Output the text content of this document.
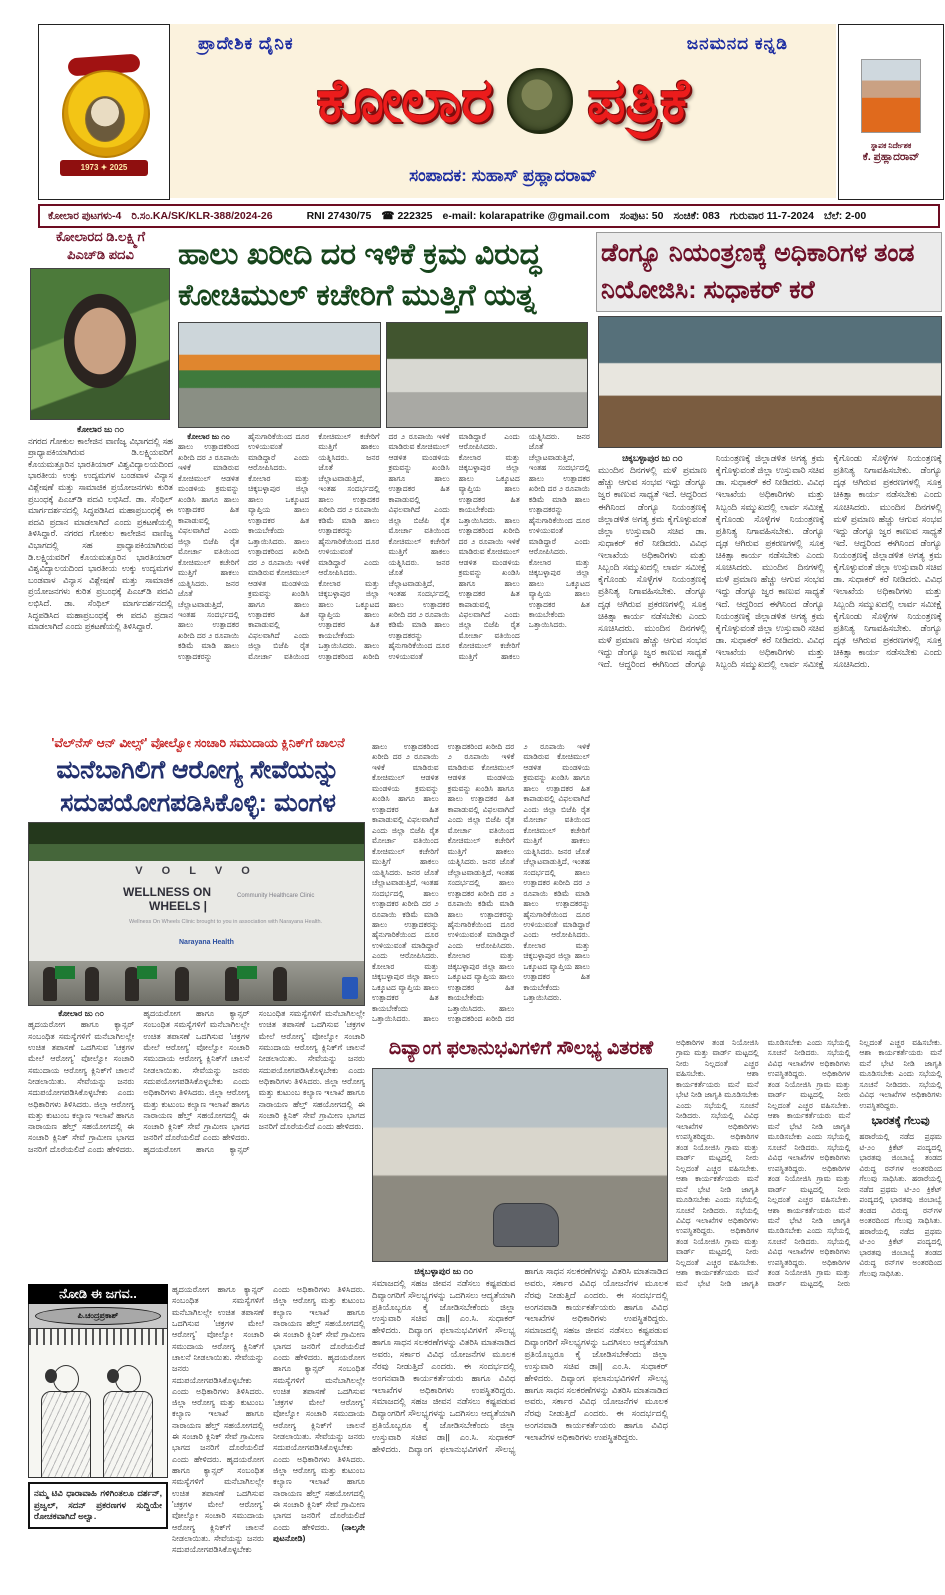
1973 ✦ 2025
ಪ್ರಾದೇಶಿಕ ದೈನಿಕ	ಜನಮನದ ಕನ್ನಡಿ
ಕೋಲಾರ ಪತ್ರಿಕೆ
ಸಂಪಾದಕ: ಸುಹಾಸ್ ಪ್ರಹ್ಲಾದರಾವ್
ಸ್ಥಾಪಕ ನಿರ್ದೇಶಕ
ಕೆ. ಪ್ರಹ್ಲಾದರಾವ್
ಕೋಲಾರ ಪುಟಗಳು-4 ರಿ.ಸಂ.KA/SK/KLR-388/2024-26	RNI 27430/75 ☎ 222325 e-mail: kolarapatrike @gmail.com ಸಂಪುಟ: 50 ಸಂಚಿಕೆ: 083 ಗುರುವಾರ 11-7-2024 ಬೆಲೆ: 2-00
ಕೋಲಾರದ ಡಿ.ಲಕ್ಷ್ಮಿಗೆ
ಪಿಎಚ್‌ಡಿ ಪದವಿ
ಕೋಲಾರ ಜು ೧೦
ನಗರದ ಗೋಕುಲ ಕಾಲೇಜಿನ ವಾಣಿಜ್ಯ ವಿಭಾಗದಲ್ಲಿ ಸಹ ಪ್ರಾಧ್ಯಾಪಕಿಯಾಗಿರುವ ಡಿ.ಲಕ್ಷ್ಮಿಯವರಿಗೆ ಕೊಯಮತ್ತೂರಿನ ಭಾರತಿಯಾರ್ ವಿಶ್ವವಿದ್ಯಾಲಯದಿಂದ ಭಾರತೀಯ ಉಕ್ಕು ಉದ್ಯಮಗಳ ಬಂಡವಾಳ ವಿನ್ಯಾಸ ವಿಶ್ಲೇಷಣೆ ಮತ್ತು ಸಾಮಾಜಿಕ ಪ್ರಯೋಜನಗಳು ಕುರಿತ ಪ್ರಬಂಧಕ್ಕೆ ಪಿಎಚ್‌ಡಿ ಪದವಿ ಲಭಿಸಿದೆ. ಡಾ. ಸೆಂಥಿಲ್ ಮಾರ್ಗದರ್ಶನದಲ್ಲಿ ಸಿದ್ಧಪಡಿಸಿದ ಮಹಾಪ್ರಬಂಧಕ್ಕೆ ಈ ಪದವಿ ಪ್ರದಾನ ಮಾಡಲಾಗಿದೆ ಎಂದು ಪ್ರಕಟಣೆಯಲ್ಲಿ ತಿಳಿಸಿದ್ದಾರೆ. ನಗರದ ಗೋಕುಲ ಕಾಲೇಜಿನ ವಾಣಿಜ್ಯ ವಿಭಾಗದಲ್ಲಿ ಸಹ ಪ್ರಾಧ್ಯಾಪಕಿಯಾಗಿರುವ ಡಿ.ಲಕ್ಷ್ಮಿಯವರಿಗೆ ಕೊಯಮತ್ತೂರಿನ ಭಾರತಿಯಾರ್ ವಿಶ್ವವಿದ್ಯಾಲಯದಿಂದ ಭಾರತೀಯ ಉಕ್ಕು ಉದ್ಯಮಗಳ ಬಂಡವಾಳ ವಿನ್ಯಾಸ ವಿಶ್ಲೇಷಣೆ ಮತ್ತು ಸಾಮಾಜಿಕ ಪ್ರಯೋಜನಗಳು ಕುರಿತ ಪ್ರಬಂಧಕ್ಕೆ ಪಿಎಚ್‌ಡಿ ಪದವಿ ಲಭಿಸಿದೆ. ಡಾ. ಸೆಂಥಿಲ್ ಮಾರ್ಗದರ್ಶನದಲ್ಲಿ ಸಿದ್ಧಪಡಿಸಿದ ಮಹಾಪ್ರಬಂಧಕ್ಕೆ ಈ ಪದವಿ ಪ್ರದಾನ ಮಾಡಲಾಗಿದೆ ಎಂದು ಪ್ರಕಟಣೆಯಲ್ಲಿ ತಿಳಿಸಿದ್ದಾರೆ.
ಹಾಲು ಖರೀದಿ ದರ ಇಳಿಕೆ ಕ್ರಮ ವಿರುದ್ಧ ಕೋಚಿಮುಲ್ ಕಚೇರಿಗೆ ಮುತ್ತಿಗೆ ಯತ್ನ
ಕೋಲಾರ ಜು ೧೦
ಹಾಲು ಉತ್ಪಾದಕರಿಂದ ಖರೀದಿ ದರ ೨ ರೂಪಾಯಿ ಇಳಿಕೆ ಮಾಡಿರುವ ಕೋಚಿಮುಲ್ ಆಡಳಿತ ಮಂಡಳಿಯ ಕ್ರಮವನ್ನು ಖಂಡಿಸಿ ಹಾಗೂ ಹಾಲು ಉತ್ಪಾದಕರ ಹಿತ ಕಾಪಾಡುವಲ್ಲಿ ವಿಫಲವಾಗಿದೆ ಎಂದು ಜಿಲ್ಲಾ ಬಿಜೆಪಿ ರೈತ ಮೋರ್ಚಾ ವತಿಯಿಂದ ಕೋಚಿಮುಲ್ ಕಚೇರಿಗೆ ಮುತ್ತಿಗೆ ಹಾಕಲು ಯತ್ನಿಸಿದರು. ಜನರ ಜೊತೆ ಚೆಲ್ಲಾಟವಾಡುತ್ತಿದೆ, ಇಂತಹ ಸಂದರ್ಭದಲ್ಲಿ ಹಾಲು ಉತ್ಪಾದಕರ ಖರೀದಿ ದರ ೨ ರೂಪಾಯಿ ಕಡಿಮೆ ಮಾಡಿ ಹಾಲು ಉತ್ಪಾದಕರನ್ನು ಹೈನುಗಾರಿಕೆಯಿಂದ ದೂರ ಉಳಿಯುವಂತೆ ಮಾಡಿದ್ದಾರೆ ಎಂದು ಆರೋಪಿಸಿದರು. ಕೋಲಾರ ಮತ್ತು ಚಿಕ್ಕಬಳ್ಳಾಪುರ ಜಿಲ್ಲಾ ಹಾಲು ಒಕ್ಕೂಟದ ವ್ಯಾಪ್ತಿಯ ಹಾಲು ಉತ್ಪಾದಕರ ಹಿತ ಕಾಯಬೇಕೆಂದು ಒತ್ತಾಯಿಸಿದರು. ಹಾಲು ಉತ್ಪಾದಕರಿಂದ ಖರೀದಿ ದರ ೨ ರೂಪಾಯಿ ಇಳಿಕೆ ಮಾಡಿರುವ ಕೋಚಿಮುಲ್ ಆಡಳಿತ ಮಂಡಳಿಯ ಕ್ರಮವನ್ನು ಖಂಡಿಸಿ ಹಾಗೂ ಹಾಲು ಉತ್ಪಾದಕರ ಹಿತ ಕಾಪಾಡುವಲ್ಲಿ ವಿಫಲವಾಗಿದೆ ಎಂದು ಜಿಲ್ಲಾ ಬಿಜೆಪಿ ರೈತ ಮೋರ್ಚಾ ವತಿಯಿಂದ ಕೋಚಿಮುಲ್ ಕಚೇರಿಗೆ ಮುತ್ತಿಗೆ ಹಾಕಲು ಯತ್ನಿಸಿದರು. ಜನರ ಜೊತೆ ಚೆಲ್ಲಾಟವಾಡುತ್ತಿದೆ, ಇಂತಹ ಸಂದರ್ಭದಲ್ಲಿ ಹಾಲು ಉತ್ಪಾದಕರ ಖರೀದಿ ದರ ೨ ರೂಪಾಯಿ ಕಡಿಮೆ ಮಾಡಿ ಹಾಲು ಉತ್ಪಾದಕರನ್ನು ಹೈನುಗಾರಿಕೆಯಿಂದ ದೂರ ಉಳಿಯುವಂತೆ ಮಾಡಿದ್ದಾರೆ ಎಂದು ಆರೋಪಿಸಿದರು. ಕೋಲಾರ ಮತ್ತು ಚಿಕ್ಕಬಳ್ಳಾಪುರ ಜಿಲ್ಲಾ ಹಾಲು ಒಕ್ಕೂಟದ ವ್ಯಾಪ್ತಿಯ ಹಾಲು ಉತ್ಪಾದಕರ ಹಿತ ಕಾಯಬೇಕೆಂದು ಒತ್ತಾಯಿಸಿದರು. ಹಾಲು ಉತ್ಪಾದಕರಿಂದ ಖರೀದಿ ದರ ೨ ರೂಪಾಯಿ ಇಳಿಕೆ ಮಾಡಿರುವ ಕೋಚಿಮುಲ್ ಆಡಳಿತ ಮಂಡಳಿಯ ಕ್ರಮವನ್ನು ಖಂಡಿಸಿ ಹಾಗೂ ಹಾಲು ಉತ್ಪಾದಕರ ಹಿತ ಕಾಪಾಡುವಲ್ಲಿ ವಿಫಲವಾಗಿದೆ ಎಂದು ಜಿಲ್ಲಾ ಬಿಜೆಪಿ ರೈತ ಮೋರ್ಚಾ ವತಿಯಿಂದ ಕೋಚಿಮುಲ್ ಕಚೇರಿಗೆ ಮುತ್ತಿಗೆ ಹಾಕಲು ಯತ್ನಿಸಿದರು. ಜನರ ಜೊತೆ ಚೆಲ್ಲಾಟವಾಡುತ್ತಿದೆ, ಇಂತಹ ಸಂದರ್ಭದಲ್ಲಿ ಹಾಲು ಉತ್ಪಾದಕರ ಖರೀದಿ ದರ ೨ ರೂಪಾಯಿ ಕಡಿಮೆ ಮಾಡಿ ಹಾಲು ಉತ್ಪಾದಕರನ್ನು ಹೈನುಗಾರಿಕೆಯಿಂದ ದೂರ ಉಳಿಯುವಂತೆ ಮಾಡಿದ್ದಾರೆ ಎಂದು ಆರೋಪಿಸಿದರು. ಕೋಲಾರ ಮತ್ತು ಚಿಕ್ಕಬಳ್ಳಾಪುರ ಜಿಲ್ಲಾ ಹಾಲು ಒಕ್ಕೂಟದ ವ್ಯಾಪ್ತಿಯ ಹಾಲು ಉತ್ಪಾದಕರ ಹಿತ ಕಾಯಬೇಕೆಂದು ಒತ್ತಾಯಿಸಿದರು. ಹಾಲು ಉತ್ಪಾದಕರಿಂದ ಖರೀದಿ ದರ ೨ ರೂಪಾಯಿ ಇಳಿಕೆ ಮಾಡಿರುವ ಕೋಚಿಮುಲ್ ಆಡಳಿತ ಮಂಡಳಿಯ ಕ್ರಮವನ್ನು ಖಂಡಿಸಿ ಹಾಗೂ ಹಾಲು ಉತ್ಪಾದಕರ ಹಿತ ಕಾಪಾಡುವಲ್ಲಿ ವಿಫಲವಾಗಿದೆ ಎಂದು ಜಿಲ್ಲಾ ಬಿಜೆಪಿ ರೈತ ಮೋರ್ಚಾ ವತಿಯಿಂದ ಕೋಚಿಮುಲ್ ಕಚೇರಿಗೆ ಮುತ್ತಿಗೆ ಹಾಕಲು ಯತ್ನಿಸಿದರು. ಜನರ ಜೊತೆ ಚೆಲ್ಲಾಟವಾಡುತ್ತಿದೆ, ಇಂತಹ ಸಂದರ್ಭದಲ್ಲಿ ಹಾಲು ಉತ್ಪಾದಕರ ಖರೀದಿ ದರ ೨ ರೂಪಾಯಿ ಕಡಿಮೆ ಮಾಡಿ ಹಾಲು ಉತ್ಪಾದಕರನ್ನು ಹೈನುಗಾರಿಕೆಯಿಂದ ದೂರ ಉಳಿಯುವಂತೆ ಮಾಡಿದ್ದಾರೆ ಎಂದು ಆರೋಪಿಸಿದರು. ಕೋಲಾರ ಮತ್ತು ಚಿಕ್ಕಬಳ್ಳಾಪುರ ಜಿಲ್ಲಾ ಹಾಲು ಒಕ್ಕೂಟದ ವ್ಯಾಪ್ತಿಯ ಹಾಲು ಉತ್ಪಾದಕರ ಹಿತ ಕಾಯಬೇಕೆಂದು ಒತ್ತಾಯಿಸಿದರು.
ಹಾಲು ಉತ್ಪಾದಕರಿಂದ ಖರೀದಿ ದರ ೨ ರೂಪಾಯಿ ಇಳಿಕೆ ಮಾಡಿರುವ ಕೋಚಿಮುಲ್ ಆಡಳಿತ ಮಂಡಳಿಯ ಕ್ರಮವನ್ನು ಖಂಡಿಸಿ ಹಾಗೂ ಹಾಲು ಉತ್ಪಾದಕರ ಹಿತ ಕಾಪಾಡುವಲ್ಲಿ ವಿಫಲವಾಗಿದೆ ಎಂದು ಜಿಲ್ಲಾ ಬಿಜೆಪಿ ರೈತ ಮೋರ್ಚಾ ವತಿಯಿಂದ ಕೋಚಿಮುಲ್ ಕಚೇರಿಗೆ ಮುತ್ತಿಗೆ ಹಾಕಲು ಯತ್ನಿಸಿದರು. ಜನರ ಜೊತೆ ಚೆಲ್ಲಾಟವಾಡುತ್ತಿದೆ, ಇಂತಹ ಸಂದರ್ಭದಲ್ಲಿ ಹಾಲು ಉತ್ಪಾದಕರ ಖರೀದಿ ದರ ೨ ರೂಪಾಯಿ ಕಡಿಮೆ ಮಾಡಿ ಹಾಲು ಉತ್ಪಾದಕರನ್ನು ಹೈನುಗಾರಿಕೆಯಿಂದ ದೂರ ಉಳಿಯುವಂತೆ ಮಾಡಿದ್ದಾರೆ ಎಂದು ಆರೋಪಿಸಿದರು. ಕೋಲಾರ ಮತ್ತು ಚಿಕ್ಕಬಳ್ಳಾಪುರ ಜಿಲ್ಲಾ ಹಾಲು ಒಕ್ಕೂಟದ ವ್ಯಾಪ್ತಿಯ ಹಾಲು ಉತ್ಪಾದಕರ ಹಿತ ಕಾಯಬೇಕೆಂದು ಒತ್ತಾಯಿಸಿದರು. ಹಾಲು ಉತ್ಪಾದಕರಿಂದ ಖರೀದಿ ದರ ೨ ರೂಪಾಯಿ ಇಳಿಕೆ ಮಾಡಿರುವ ಕೋಚಿಮುಲ್ ಆಡಳಿತ ಮಂಡಳಿಯ ಕ್ರಮವನ್ನು ಖಂಡಿಸಿ ಹಾಗೂ ಹಾಲು ಉತ್ಪಾದಕರ ಹಿತ ಕಾಪಾಡುವಲ್ಲಿ ವಿಫಲವಾಗಿದೆ ಎಂದು ಜಿಲ್ಲಾ ಬಿಜೆಪಿ ರೈತ ಮೋರ್ಚಾ ವತಿಯಿಂದ ಕೋಚಿಮುಲ್ ಕಚೇರಿಗೆ ಮುತ್ತಿಗೆ ಹಾಕಲು ಯತ್ನಿಸಿದರು. ಜನರ ಜೊತೆ ಚೆಲ್ಲಾಟವಾಡುತ್ತಿದೆ, ಇಂತಹ ಸಂದರ್ಭದಲ್ಲಿ ಹಾಲು ಉತ್ಪಾದಕರ ಖರೀದಿ ದರ ೨ ರೂಪಾಯಿ ಕಡಿಮೆ ಮಾಡಿ ಹಾಲು ಉತ್ಪಾದಕರನ್ನು ಹೈನುಗಾರಿಕೆಯಿಂದ ದೂರ ಉಳಿಯುವಂತೆ ಮಾಡಿದ್ದಾರೆ ಎಂದು ಆರೋಪಿಸಿದರು. ಕೋಲಾರ ಮತ್ತು ಚಿಕ್ಕಬಳ್ಳಾಪುರ ಜಿಲ್ಲಾ ಹಾಲು ಒಕ್ಕೂಟದ ವ್ಯಾಪ್ತಿಯ ಹಾಲು ಉತ್ಪಾದಕರ ಹಿತ ಕಾಯಬೇಕೆಂದು ಒತ್ತಾಯಿಸಿದರು. ಹಾಲು ಉತ್ಪಾದಕರಿಂದ ಖರೀದಿ ದರ ೨ ರೂಪಾಯಿ ಇಳಿಕೆ ಮಾಡಿರುವ ಕೋಚಿಮುಲ್ ಆಡಳಿತ ಮಂಡಳಿಯ ಕ್ರಮವನ್ನು ಖಂಡಿಸಿ ಹಾಗೂ ಹಾಲು ಉತ್ಪಾದಕರ ಹಿತ ಕಾಪಾಡುವಲ್ಲಿ ವಿಫಲವಾಗಿದೆ ಎಂದು ಜಿಲ್ಲಾ ಬಿಜೆಪಿ ರೈತ ಮೋರ್ಚಾ ವತಿಯಿಂದ ಕೋಚಿಮುಲ್ ಕಚೇರಿಗೆ ಮುತ್ತಿಗೆ ಹಾಕಲು ಯತ್ನಿಸಿದರು. ಜನರ ಜೊತೆ ಚೆಲ್ಲಾಟವಾಡುತ್ತಿದೆ, ಇಂತಹ ಸಂದರ್ಭದಲ್ಲಿ ಹಾಲು ಉತ್ಪಾದಕರ ಖರೀದಿ ದರ ೨ ರೂಪಾಯಿ ಕಡಿಮೆ ಮಾಡಿ ಹಾಲು ಉತ್ಪಾದಕರನ್ನು ಹೈನುಗಾರಿಕೆಯಿಂದ ದೂರ ಉಳಿಯುವಂತೆ ಮಾಡಿದ್ದಾರೆ ಎಂದು ಆರೋಪಿಸಿದರು. ಕೋಲಾರ ಮತ್ತು ಚಿಕ್ಕಬಳ್ಳಾಪುರ ಜಿಲ್ಲಾ ಹಾಲು ಒಕ್ಕೂಟದ ವ್ಯಾಪ್ತಿಯ ಹಾಲು ಉತ್ಪಾದಕರ ಹಿತ ಕಾಯಬೇಕೆಂದು ಒತ್ತಾಯಿಸಿದರು.
ಡೆಂಗ್ಯೂ ನಿಯಂತ್ರಣಕ್ಕೆ ಅಧಿಕಾರಿಗಳ ತಂಡ ನಿಯೋಜಿಸಿ: ಸುಧಾಕರ್ ಕರೆ
ಚಿಕ್ಕಬಳ್ಳಾಪುರ ಜು ೧೦
ಮುಂದಿನ ದಿನಗಳಲ್ಲಿ ಮಳೆ ಪ್ರಮಾಣ ಹೆಚ್ಚು ಆಗುವ ಸಂಭವ ಇದ್ದು ಡೆಂಗ್ಯೂ ಜ್ವರ ಕಾಣುವ ಸಾಧ್ಯತೆ ಇದೆ. ಆದ್ದರಿಂದ ಈಗಿನಿಂದ ಡೆಂಗ್ಯೂ ನಿಯಂತ್ರಣಕ್ಕೆ ಜಿಲ್ಲಾಡಳಿತ ಅಗತ್ಯ ಕ್ರಮ ಕೈಗೊಳ್ಳುವಂತೆ ಜಿಲ್ಲಾ ಉಸ್ತುವಾರಿ ಸಚಿವ ಡಾ. ಸುಧಾಕರ್ ಕರೆ ನೀಡಿದರು. ವಿವಿಧ ಇಲಾಖೆಯ ಅಧಿಕಾರಿಗಳು ಮತ್ತು ಸಿಬ್ಬಂದಿ ಸಮ್ಮುಖದಲ್ಲಿ ಲಾರ್ವ ಸಮೀಕ್ಷೆ ಕೈಗೊಂಡು ಸೊಳ್ಳೆಗಳ ನಿಯಂತ್ರಣಕ್ಕೆ ಪ್ರತಿನಿತ್ಯ ನಿಗಾವಹಿಸಬೇಕು. ಡೆಂಗ್ಯೂ ದೃಢ ಆಗಿರುವ ಪ್ರಕರಣಗಳಲ್ಲಿ ಸೂಕ್ತ ಚಿಕಿತ್ಸಾ ಕಾರ್ಯ ನಡೆಸಬೇಕು ಎಂದು ಸೂಚಿಸಿದರು. ಮುಂದಿನ ದಿನಗಳಲ್ಲಿ ಮಳೆ ಪ್ರಮಾಣ ಹೆಚ್ಚು ಆಗುವ ಸಂಭವ ಇದ್ದು ಡೆಂಗ್ಯೂ ಜ್ವರ ಕಾಣುವ ಸಾಧ್ಯತೆ ಇದೆ. ಆದ್ದರಿಂದ ಈಗಿನಿಂದ ಡೆಂಗ್ಯೂ ನಿಯಂತ್ರಣಕ್ಕೆ ಜಿಲ್ಲಾಡಳಿತ ಅಗತ್ಯ ಕ್ರಮ ಕೈಗೊಳ್ಳುವಂತೆ ಜಿಲ್ಲಾ ಉಸ್ತುವಾರಿ ಸಚಿವ ಡಾ. ಸುಧಾಕರ್ ಕರೆ ನೀಡಿದರು. ವಿವಿಧ ಇಲಾಖೆಯ ಅಧಿಕಾರಿಗಳು ಮತ್ತು ಸಿಬ್ಬಂದಿ ಸಮ್ಮುಖದಲ್ಲಿ ಲಾರ್ವ ಸಮೀಕ್ಷೆ ಕೈಗೊಂಡು ಸೊಳ್ಳೆಗಳ ನಿಯಂತ್ರಣಕ್ಕೆ ಪ್ರತಿನಿತ್ಯ ನಿಗಾವಹಿಸಬೇಕು. ಡೆಂಗ್ಯೂ ದೃಢ ಆಗಿರುವ ಪ್ರಕರಣಗಳಲ್ಲಿ ಸೂಕ್ತ ಚಿಕಿತ್ಸಾ ಕಾರ್ಯ ನಡೆಸಬೇಕು ಎಂದು ಸೂಚಿಸಿದರು. ಮುಂದಿನ ದಿನಗಳಲ್ಲಿ ಮಳೆ ಪ್ರಮಾಣ ಹೆಚ್ಚು ಆಗುವ ಸಂಭವ ಇದ್ದು ಡೆಂಗ್ಯೂ ಜ್ವರ ಕಾಣುವ ಸಾಧ್ಯತೆ ಇದೆ. ಆದ್ದರಿಂದ ಈಗಿನಿಂದ ಡೆಂಗ್ಯೂ ನಿಯಂತ್ರಣಕ್ಕೆ ಜಿಲ್ಲಾಡಳಿತ ಅಗತ್ಯ ಕ್ರಮ ಕೈಗೊಳ್ಳುವಂತೆ ಜಿಲ್ಲಾ ಉಸ್ತುವಾರಿ ಸಚಿವ ಡಾ. ಸುಧಾಕರ್ ಕರೆ ನೀಡಿದರು. ವಿವಿಧ ಇಲಾಖೆಯ ಅಧಿಕಾರಿಗಳು ಮತ್ತು ಸಿಬ್ಬಂದಿ ಸಮ್ಮುಖದಲ್ಲಿ ಲಾರ್ವ ಸಮೀಕ್ಷೆ ಕೈಗೊಂಡು ಸೊಳ್ಳೆಗಳ ನಿಯಂತ್ರಣಕ್ಕೆ ಪ್ರತಿನಿತ್ಯ ನಿಗಾವಹಿಸಬೇಕು. ಡೆಂಗ್ಯೂ ದೃಢ ಆಗಿರುವ ಪ್ರಕರಣಗಳಲ್ಲಿ ಸೂಕ್ತ ಚಿಕಿತ್ಸಾ ಕಾರ್ಯ ನಡೆಸಬೇಕು ಎಂದು ಸೂಚಿಸಿದರು. ಮುಂದಿನ ದಿನಗಳಲ್ಲಿ ಮಳೆ ಪ್ರಮಾಣ ಹೆಚ್ಚು ಆಗುವ ಸಂಭವ ಇದ್ದು ಡೆಂಗ್ಯೂ ಜ್ವರ ಕಾಣುವ ಸಾಧ್ಯತೆ ಇದೆ. ಆದ್ದರಿಂದ ಈಗಿನಿಂದ ಡೆಂಗ್ಯೂ ನಿಯಂತ್ರಣಕ್ಕೆ ಜಿಲ್ಲಾಡಳಿತ ಅಗತ್ಯ ಕ್ರಮ ಕೈಗೊಳ್ಳುವಂತೆ ಜಿಲ್ಲಾ ಉಸ್ತುವಾರಿ ಸಚಿವ ಡಾ. ಸುಧಾಕರ್ ಕರೆ ನೀಡಿದರು. ವಿವಿಧ ಇಲಾಖೆಯ ಅಧಿಕಾರಿಗಳು ಮತ್ತು ಸಿಬ್ಬಂದಿ ಸಮ್ಮುಖದಲ್ಲಿ ಲಾರ್ವ ಸಮೀಕ್ಷೆ ಕೈಗೊಂಡು ಸೊಳ್ಳೆಗಳ ನಿಯಂತ್ರಣಕ್ಕೆ ಪ್ರತಿನಿತ್ಯ ನಿಗಾವಹಿಸಬೇಕು. ಡೆಂಗ್ಯೂ ದೃಢ ಆಗಿರುವ ಪ್ರಕರಣಗಳಲ್ಲಿ ಸೂಕ್ತ ಚಿಕಿತ್ಸಾ ಕಾರ್ಯ ನಡೆಸಬೇಕು ಎಂದು ಸೂಚಿಸಿದರು.
ಅಧಿಕಾರಿಗಳ ತಂಡ ನಿಯೋಜಿಸಿ ಗ್ರಾಮ ಮತ್ತು ವಾರ್ಡ್ ಮಟ್ಟದಲ್ಲಿ ನೀರು ನಿಲ್ಲದಂತೆ ಎಚ್ಚರ ವಹಿಸಬೇಕು. ಆಶಾ ಕಾರ್ಯಕರ್ತೆಯರು ಮನೆ ಮನೆ ಭೇಟಿ ನೀಡಿ ಜಾಗೃತಿ ಮೂಡಿಸಬೇಕು ಎಂದು ಸಭೆಯಲ್ಲಿ ಸೂಚನೆ ನೀಡಿದರು. ಸಭೆಯಲ್ಲಿ ವಿವಿಧ ಇಲಾಖೆಗಳ ಅಧಿಕಾರಿಗಳು ಉಪಸ್ಥಿತರಿದ್ದರು. ಅಧಿಕಾರಿಗಳ ತಂಡ ನಿಯೋಜಿಸಿ ಗ್ರಾಮ ಮತ್ತು ವಾರ್ಡ್ ಮಟ್ಟದಲ್ಲಿ ನೀರು ನಿಲ್ಲದಂತೆ ಎಚ್ಚರ ವಹಿಸಬೇಕು. ಆಶಾ ಕಾರ್ಯಕರ್ತೆಯರು ಮನೆ ಮನೆ ಭೇಟಿ ನೀಡಿ ಜಾಗೃತಿ ಮೂಡಿಸಬೇಕು ಎಂದು ಸಭೆಯಲ್ಲಿ ಸೂಚನೆ ನೀಡಿದರು. ಸಭೆಯಲ್ಲಿ ವಿವಿಧ ಇಲಾಖೆಗಳ ಅಧಿಕಾರಿಗಳು ಉಪಸ್ಥಿತರಿದ್ದರು. ಅಧಿಕಾರಿಗಳ ತಂಡ ನಿಯೋಜಿಸಿ ಗ್ರಾಮ ಮತ್ತು ವಾರ್ಡ್ ಮಟ್ಟದಲ್ಲಿ ನೀರು ನಿಲ್ಲದಂತೆ ಎಚ್ಚರ ವಹಿಸಬೇಕು. ಆಶಾ ಕಾರ್ಯಕರ್ತೆಯರು ಮನೆ ಮನೆ ಭೇಟಿ ನೀಡಿ ಜಾಗೃತಿ ಮೂಡಿಸಬೇಕು ಎಂದು ಸಭೆಯಲ್ಲಿ ಸೂಚನೆ ನೀಡಿದರು. ಸಭೆಯಲ್ಲಿ ವಿವಿಧ ಇಲಾಖೆಗಳ ಅಧಿಕಾರಿಗಳು ಉಪಸ್ಥಿತರಿದ್ದರು. ಅಧಿಕಾರಿಗಳ ತಂಡ ನಿಯೋಜಿಸಿ ಗ್ರಾಮ ಮತ್ತು ವಾರ್ಡ್ ಮಟ್ಟದಲ್ಲಿ ನೀರು ನಿಲ್ಲದಂತೆ ಎಚ್ಚರ ವಹಿಸಬೇಕು. ಆಶಾ ಕಾರ್ಯಕರ್ತೆಯರು ಮನೆ ಮನೆ ಭೇಟಿ ನೀಡಿ ಜಾಗೃತಿ ಮೂಡಿಸಬೇಕು ಎಂದು ಸಭೆಯಲ್ಲಿ ಸೂಚನೆ ನೀಡಿದರು. ಸಭೆಯಲ್ಲಿ ವಿವಿಧ ಇಲಾಖೆಗಳ ಅಧಿಕಾರಿಗಳು ಉಪಸ್ಥಿತರಿದ್ದರು. ಅಧಿಕಾರಿಗಳ ತಂಡ ನಿಯೋಜಿಸಿ ಗ್ರಾಮ ಮತ್ತು ವಾರ್ಡ್ ಮಟ್ಟದಲ್ಲಿ ನೀರು ನಿಲ್ಲದಂತೆ ಎಚ್ಚರ ವಹಿಸಬೇಕು. ಆಶಾ ಕಾರ್ಯಕರ್ತೆಯರು ಮನೆ ಮನೆ ಭೇಟಿ ನೀಡಿ ಜಾಗೃತಿ ಮೂಡಿಸಬೇಕು ಎಂದು ಸಭೆಯಲ್ಲಿ ಸೂಚನೆ ನೀಡಿದರು. ಸಭೆಯಲ್ಲಿ ವಿವಿಧ ಇಲಾಖೆಗಳ ಅಧಿಕಾರಿಗಳು ಉಪಸ್ಥಿತರಿದ್ದರು. ಅಧಿಕಾರಿಗಳ ತಂಡ ನಿಯೋಜಿಸಿ ಗ್ರಾಮ ಮತ್ತು ವಾರ್ಡ್ ಮಟ್ಟದಲ್ಲಿ ನೀರು ನಿಲ್ಲದಂತೆ ಎಚ್ಚರ ವಹಿಸಬೇಕು. ಆಶಾ ಕಾರ್ಯಕರ್ತೆಯರು ಮನೆ ಮನೆ ಭೇಟಿ ನೀಡಿ ಜಾಗೃತಿ ಮೂಡಿಸಬೇಕು ಎಂದು ಸಭೆಯಲ್ಲಿ ಸೂಚನೆ ನೀಡಿದರು. ಸಭೆಯಲ್ಲಿ ವಿವಿಧ ಇಲಾಖೆಗಳ ಅಧಿಕಾರಿಗಳು ಉಪಸ್ಥಿತರಿದ್ದರು.
ಭಾರತಕ್ಕೆ ಗೆಲುವು
ಹರಾರೆಯಲ್ಲಿ ನಡೆದ ಪ್ರಥಮ ಟಿ-೨೦ ಕ್ರಿಕೆಟ್ ಪಂದ್ಯದಲ್ಲಿ ಭಾರತವು ಜಿಂಬಾಬ್ವೆ ತಂಡದ ವಿರುದ್ಧ ರನ್‌ಗಳ ಅಂತರದಿಂದ ಗೆಲುವು ಸಾಧಿಸಿತು. ಹರಾರೆಯಲ್ಲಿ ನಡೆದ ಪ್ರಥಮ ಟಿ-೨೦ ಕ್ರಿಕೆಟ್ ಪಂದ್ಯದಲ್ಲಿ ಭಾರತವು ಜಿಂಬಾಬ್ವೆ ತಂಡದ ವಿರುದ್ಧ ರನ್‌ಗಳ ಅಂತರದಿಂದ ಗೆಲುವು ಸಾಧಿಸಿತು. ಹರಾರೆಯಲ್ಲಿ ನಡೆದ ಪ್ರಥಮ ಟಿ-೨೦ ಕ್ರಿಕೆಟ್ ಪಂದ್ಯದಲ್ಲಿ ಭಾರತವು ಜಿಂಬಾಬ್ವೆ ತಂಡದ ವಿರುದ್ಧ ರನ್‌ಗಳ ಅಂತರದಿಂದ ಗೆಲುವು ಸಾಧಿಸಿತು.
'ವೆಲ್‌ನೆಸ್ ಆನ್ ವೀಲ್ಸ್' ವೋಲ್ವೋ ಸಂಚಾರಿ ಸಮುದಾಯ ಕ್ಲಿನಿಕ್‌ಗೆ ಚಾಲನೆ
ಮನೆಬಾಗಿಲಿಗೆ ಆರೋಗ್ಯ ಸೇವೆಯನ್ನು ಸದುಪಯೋಗಪಡಿಸಿಕೊಳ್ಳಿ: ಮಂಗಳ
V O L V O
WELLNESS ON
WHEELS |
Community Healthcare Clinic
Wellness On Wheels Clinic brought to you in association with Narayana Health.
Narayana Health
ಕೋಲಾರ ಜು ೧೦
ಹೃದಯರೋಗ ಹಾಗೂ ಕ್ಯಾನ್ಸರ್ ಸಂಬಂಧಿತ ಸಮಸ್ಯೆಗಳಿಗೆ ಮನೆಬಾಗಿಲಲ್ಲೇ ಉಚಿತ ತಪಾಸಣೆ ಒದಗಿಸುವ 'ಚಕ್ರಗಳ ಮೇಲೆ ಆರೋಗ್ಯ' ವೋಲ್ವೋ ಸಂಚಾರಿ ಸಮುದಾಯ ಆರೋಗ್ಯ ಕ್ಲಿನಿಕ್‌ಗೆ ಚಾಲನೆ ನೀಡಲಾಯಿತು. ಸೇವೆಯನ್ನು ಜನರು ಸದುಪಯೋಗಪಡಿಸಿಕೊಳ್ಳಬೇಕು ಎಂದು ಅಧಿಕಾರಿಗಳು ತಿಳಿಸಿದರು. ಜಿಲ್ಲಾ ಆರೋಗ್ಯ ಮತ್ತು ಕುಟುಂಬ ಕಲ್ಯಾಣ ಇಲಾಖೆ ಹಾಗೂ ನಾರಾಯಣ ಹೆಲ್ತ್ ಸಹಯೋಗದಲ್ಲಿ ಈ ಸಂಚಾರಿ ಕ್ಲಿನಿಕ್ ಸೇವೆ ಗ್ರಾಮೀಣ ಭಾಗದ ಜನರಿಗೆ ದೊರೆಯಲಿದೆ ಎಂದು ಹೇಳಿದರು. ಹೃದಯರೋಗ ಹಾಗೂ ಕ್ಯಾನ್ಸರ್ ಸಂಬಂಧಿತ ಸಮಸ್ಯೆಗಳಿಗೆ ಮನೆಬಾಗಿಲಲ್ಲೇ ಉಚಿತ ತಪಾಸಣೆ ಒದಗಿಸುವ 'ಚಕ್ರಗಳ ಮೇಲೆ ಆರೋಗ್ಯ' ವೋಲ್ವೋ ಸಂಚಾರಿ ಸಮುದಾಯ ಆರೋಗ್ಯ ಕ್ಲಿನಿಕ್‌ಗೆ ಚಾಲನೆ ನೀಡಲಾಯಿತು. ಸೇವೆಯನ್ನು ಜನರು ಸದುಪಯೋಗಪಡಿಸಿಕೊಳ್ಳಬೇಕು ಎಂದು ಅಧಿಕಾರಿಗಳು ತಿಳಿಸಿದರು. ಜಿಲ್ಲಾ ಆರೋಗ್ಯ ಮತ್ತು ಕುಟುಂಬ ಕಲ್ಯಾಣ ಇಲಾಖೆ ಹಾಗೂ ನಾರಾಯಣ ಹೆಲ್ತ್ ಸಹಯೋಗದಲ್ಲಿ ಈ ಸಂಚಾರಿ ಕ್ಲಿನಿಕ್ ಸೇವೆ ಗ್ರಾಮೀಣ ಭಾಗದ ಜನರಿಗೆ ದೊರೆಯಲಿದೆ ಎಂದು ಹೇಳಿದರು. ಹೃದಯರೋಗ ಹಾಗೂ ಕ್ಯಾನ್ಸರ್ ಸಂಬಂಧಿತ ಸಮಸ್ಯೆಗಳಿಗೆ ಮನೆಬಾಗಿಲಲ್ಲೇ ಉಚಿತ ತಪಾಸಣೆ ಒದಗಿಸುವ 'ಚಕ್ರಗಳ ಮೇಲೆ ಆರೋಗ್ಯ' ವೋಲ್ವೋ ಸಂಚಾರಿ ಸಮುದಾಯ ಆರೋಗ್ಯ ಕ್ಲಿನಿಕ್‌ಗೆ ಚಾಲನೆ ನೀಡಲಾಯಿತು. ಸೇವೆಯನ್ನು ಜನರು ಸದುಪಯೋಗಪಡಿಸಿಕೊಳ್ಳಬೇಕು ಎಂದು ಅಧಿಕಾರಿಗಳು ತಿಳಿಸಿದರು. ಜಿಲ್ಲಾ ಆರೋಗ್ಯ ಮತ್ತು ಕುಟುಂಬ ಕಲ್ಯಾಣ ಇಲಾಖೆ ಹಾಗೂ ನಾರಾಯಣ ಹೆಲ್ತ್ ಸಹಯೋಗದಲ್ಲಿ ಈ ಸಂಚಾರಿ ಕ್ಲಿನಿಕ್ ಸೇವೆ ಗ್ರಾಮೀಣ ಭಾಗದ ಜನರಿಗೆ ದೊರೆಯಲಿದೆ ಎಂದು ಹೇಳಿದರು.
ಹೃದಯರೋಗ ಹಾಗೂ ಕ್ಯಾನ್ಸರ್ ಸಂಬಂಧಿತ ಸಮಸ್ಯೆಗಳಿಗೆ ಮನೆಬಾಗಿಲಲ್ಲೇ ಉಚಿತ ತಪಾಸಣೆ ಒದಗಿಸುವ 'ಚಕ್ರಗಳ ಮೇಲೆ ಆರೋಗ್ಯ' ವೋಲ್ವೋ ಸಂಚಾರಿ ಸಮುದಾಯ ಆರೋಗ್ಯ ಕ್ಲಿನಿಕ್‌ಗೆ ಚಾಲನೆ ನೀಡಲಾಯಿತು. ಸೇವೆಯನ್ನು ಜನರು ಸದುಪಯೋಗಪಡಿಸಿಕೊಳ್ಳಬೇಕು ಎಂದು ಅಧಿಕಾರಿಗಳು ತಿಳಿಸಿದರು. ಜಿಲ್ಲಾ ಆರೋಗ್ಯ ಮತ್ತು ಕುಟುಂಬ ಕಲ್ಯಾಣ ಇಲಾಖೆ ಹಾಗೂ ನಾರಾಯಣ ಹೆಲ್ತ್ ಸಹಯೋಗದಲ್ಲಿ ಈ ಸಂಚಾರಿ ಕ್ಲಿನಿಕ್ ಸೇವೆ ಗ್ರಾಮೀಣ ಭಾಗದ ಜನರಿಗೆ ದೊರೆಯಲಿದೆ ಎಂದು ಹೇಳಿದರು. ಹೃದಯರೋಗ ಹಾಗೂ ಕ್ಯಾನ್ಸರ್ ಸಂಬಂಧಿತ ಸಮಸ್ಯೆಗಳಿಗೆ ಮನೆಬಾಗಿಲಲ್ಲೇ ಉಚಿತ ತಪಾಸಣೆ ಒದಗಿಸುವ 'ಚಕ್ರಗಳ ಮೇಲೆ ಆರೋಗ್ಯ' ವೋಲ್ವೋ ಸಂಚಾರಿ ಸಮುದಾಯ ಆರೋಗ್ಯ ಕ್ಲಿನಿಕ್‌ಗೆ ಚಾಲನೆ ನೀಡಲಾಯಿತು. ಸೇವೆಯನ್ನು ಜನರು ಸದುಪಯೋಗಪಡಿಸಿಕೊಳ್ಳಬೇಕು ಎಂದು ಅಧಿಕಾರಿಗಳು ತಿಳಿಸಿದರು. ಜಿಲ್ಲಾ ಆರೋಗ್ಯ ಮತ್ತು ಕುಟುಂಬ ಕಲ್ಯಾಣ ಇಲಾಖೆ ಹಾಗೂ ನಾರಾಯಣ ಹೆಲ್ತ್ ಸಹಯೋಗದಲ್ಲಿ ಈ ಸಂಚಾರಿ ಕ್ಲಿನಿಕ್ ಸೇವೆ ಗ್ರಾಮೀಣ ಭಾಗದ ಜನರಿಗೆ ದೊರೆಯಲಿದೆ ಎಂದು ಹೇಳಿದರು. ಹೃದಯರೋಗ ಹಾಗೂ ಕ್ಯಾನ್ಸರ್ ಸಂಬಂಧಿತ ಸಮಸ್ಯೆಗಳಿಗೆ ಮನೆಬಾಗಿಲಲ್ಲೇ ಉಚಿತ ತಪಾಸಣೆ ಒದಗಿಸುವ 'ಚಕ್ರಗಳ ಮೇಲೆ ಆರೋಗ್ಯ' ವೋಲ್ವೋ ಸಂಚಾರಿ ಸಮುದಾಯ ಆರೋಗ್ಯ ಕ್ಲಿನಿಕ್‌ಗೆ ಚಾಲನೆ ನೀಡಲಾಯಿತು. ಸೇವೆಯನ್ನು ಜನರು ಸದುಪಯೋಗಪಡಿಸಿಕೊಳ್ಳಬೇಕು ಎಂದು ಅಧಿಕಾರಿಗಳು ತಿಳಿಸಿದರು. ಜಿಲ್ಲಾ ಆರೋಗ್ಯ ಮತ್ತು ಕುಟುಂಬ ಕಲ್ಯಾಣ ಇಲಾಖೆ ಹಾಗೂ ನಾರಾಯಣ ಹೆಲ್ತ್ ಸಹಯೋಗದಲ್ಲಿ ಈ ಸಂಚಾರಿ ಕ್ಲಿನಿಕ್ ಸೇವೆ ಗ್ರಾಮೀಣ ಭಾಗದ ಜನರಿಗೆ ದೊರೆಯಲಿದೆ ಎಂದು ಹೇಳಿದರು. (ನಾಲ್ಕನೇ ಪುಟನೋಡಿ)
ದಿವ್ಯಾಂಗ ಫಲಾನುಭವಿಗಳಿಗೆ ಸೌಲಭ್ಯ ವಿತರಣೆ
ಚಿಕ್ಕಬಳ್ಳಾಪುರ ಜು ೧೦
ಸಮಾಜದಲ್ಲಿ ಸಹಜ ಜೀವನ ನಡೆಸಲು ಕಷ್ಟಪಡುವ ದಿವ್ಯಾಂಗರಿಗೆ ಸೌಲಭ್ಯಗಳನ್ನು ಒದಗಿಸಲು ಆದ್ಯತೆಯಾಗಿ ಪ್ರತಿಯೊಬ್ಬರೂ ಕೈ ಜೋಡಿಸಬೇಕೆಂದು ಜಿಲ್ಲಾ ಉಸ್ತುವಾರಿ ಸಚಿವ ಡಾ|| ಎಂ.ಸಿ. ಸುಧಾಕರ್ ಹೇಳಿದರು. ದಿವ್ಯಾಂಗ ಫಲಾನುಭವಿಗಳಿಗೆ ಸೌಲಭ್ಯ ಹಾಗೂ ಸಾಧನ ಸಲಕರಣೆಗಳನ್ನು ವಿತರಿಸಿ ಮಾತನಾಡಿದ ಅವರು, ಸರ್ಕಾರ ವಿವಿಧ ಯೋಜನೆಗಳ ಮೂಲಕ ನೆರವು ನೀಡುತ್ತಿದೆ ಎಂದರು. ಈ ಸಂದರ್ಭದಲ್ಲಿ ಅಂಗನವಾಡಿ ಕಾರ್ಯಕರ್ತೆಯರು ಹಾಗೂ ವಿವಿಧ ಇಲಾಖೆಗಳ ಅಧಿಕಾರಿಗಳು ಉಪಸ್ಥಿತರಿದ್ದರು. ಸಮಾಜದಲ್ಲಿ ಸಹಜ ಜೀವನ ನಡೆಸಲು ಕಷ್ಟಪಡುವ ದಿವ್ಯಾಂಗರಿಗೆ ಸೌಲಭ್ಯಗಳನ್ನು ಒದಗಿಸಲು ಆದ್ಯತೆಯಾಗಿ ಪ್ರತಿಯೊಬ್ಬರೂ ಕೈ ಜೋಡಿಸಬೇಕೆಂದು ಜಿಲ್ಲಾ ಉಸ್ತುವಾರಿ ಸಚಿವ ಡಾ|| ಎಂ.ಸಿ. ಸುಧಾಕರ್ ಹೇಳಿದರು. ದಿವ್ಯಾಂಗ ಫಲಾನುಭವಿಗಳಿಗೆ ಸೌಲಭ್ಯ ಹಾಗೂ ಸಾಧನ ಸಲಕರಣೆಗಳನ್ನು ವಿತರಿಸಿ ಮಾತನಾಡಿದ ಅವರು, ಸರ್ಕಾರ ವಿವಿಧ ಯೋಜನೆಗಳ ಮೂಲಕ ನೆರವು ನೀಡುತ್ತಿದೆ ಎಂದರು. ಈ ಸಂದರ್ಭದಲ್ಲಿ ಅಂಗನವಾಡಿ ಕಾರ್ಯಕರ್ತೆಯರು ಹಾಗೂ ವಿವಿಧ ಇಲಾಖೆಗಳ ಅಧಿಕಾರಿಗಳು ಉಪಸ್ಥಿತರಿದ್ದರು. ಸಮಾಜದಲ್ಲಿ ಸಹಜ ಜೀವನ ನಡೆಸಲು ಕಷ್ಟಪಡುವ ದಿವ್ಯಾಂಗರಿಗೆ ಸೌಲಭ್ಯಗಳನ್ನು ಒದಗಿಸಲು ಆದ್ಯತೆಯಾಗಿ ಪ್ರತಿಯೊಬ್ಬರೂ ಕೈ ಜೋಡಿಸಬೇಕೆಂದು ಜಿಲ್ಲಾ ಉಸ್ತುವಾರಿ ಸಚಿವ ಡಾ|| ಎಂ.ಸಿ. ಸುಧಾಕರ್ ಹೇಳಿದರು. ದಿವ್ಯಾಂಗ ಫಲಾನುಭವಿಗಳಿಗೆ ಸೌಲಭ್ಯ ಹಾಗೂ ಸಾಧನ ಸಲಕರಣೆಗಳನ್ನು ವಿತರಿಸಿ ಮಾತನಾಡಿದ ಅವರು, ಸರ್ಕಾರ ವಿವಿಧ ಯೋಜನೆಗಳ ಮೂಲಕ ನೆರವು ನೀಡುತ್ತಿದೆ ಎಂದರು. ಈ ಸಂದರ್ಭದಲ್ಲಿ ಅಂಗನವಾಡಿ ಕಾರ್ಯಕರ್ತೆಯರು ಹಾಗೂ ವಿವಿಧ ಇಲಾಖೆಗಳ ಅಧಿಕಾರಿಗಳು ಉಪಸ್ಥಿತರಿದ್ದರು.
ನೋಡಿ ಈ ಜಗವ..
ಪಿ.ಚಂದ್ರಪ್ರಕಾಶ್
ನಮ್ಮ ಟಿವಿ ಧಾರಾವಾಹಿ ಗಳಿಗಿಂತಲೂ ದರ್ಶನ್, ಪ್ರಜ್ವಲ್, ಸದನ್ ಪ್ರಕರಣಗಳ ಸುದ್ದಿಯೇ ರೋಚಕವಾಗಿದೆ ಅಲ್ವಾ.
